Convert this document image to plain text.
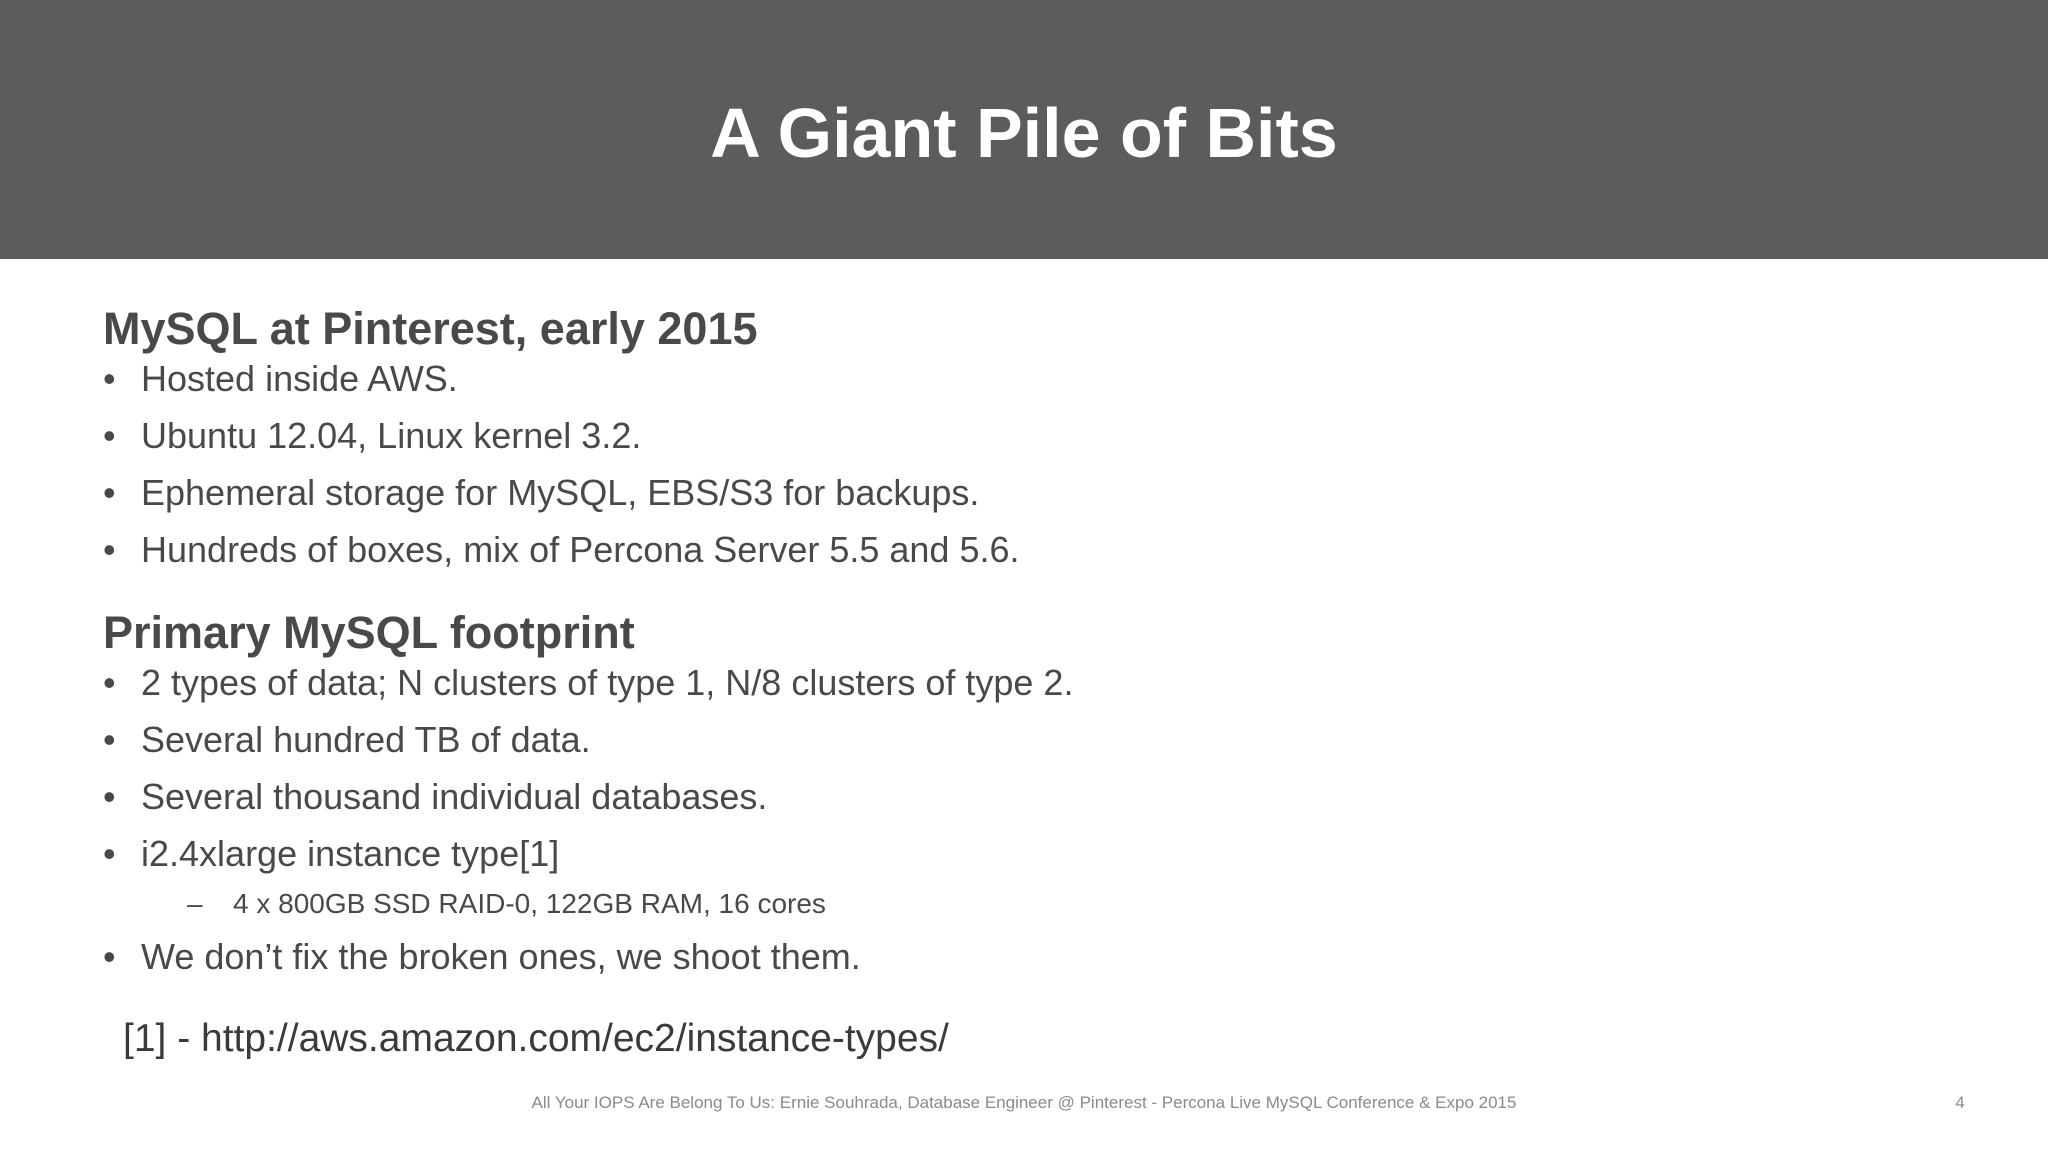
A Giant Pile of Bits
MySQL at Pinterest, early 2015
• Hosted inside AWS.
• Ubuntu 12.04, Linux kernel 3.2.
• Ephemeral storage for MySQL, EBS/S3 for backups.
• Hundreds of boxes, mix of Percona Server 5.5 and 5.6.
Primary MySQL footprint
• 2 types of data; N clusters of type 1, N/8 clusters of type 2.
• Several hundred TB of data.
• Several thousand individual databases.
• i2.4xlarge instance type[1]
– 4 x 800GB SSD RAID-0, 122GB RAM, 16 cores
• We don’t fix the broken ones, we shoot them.
[1] - http://aws.amazon.com/ec2/instance-types/
All Your IOPS Are Belong To Us: Ernie Souhrada, Database Engineer @ Pinterest - Percona Live MySQL Conference & Expo 2015	4
